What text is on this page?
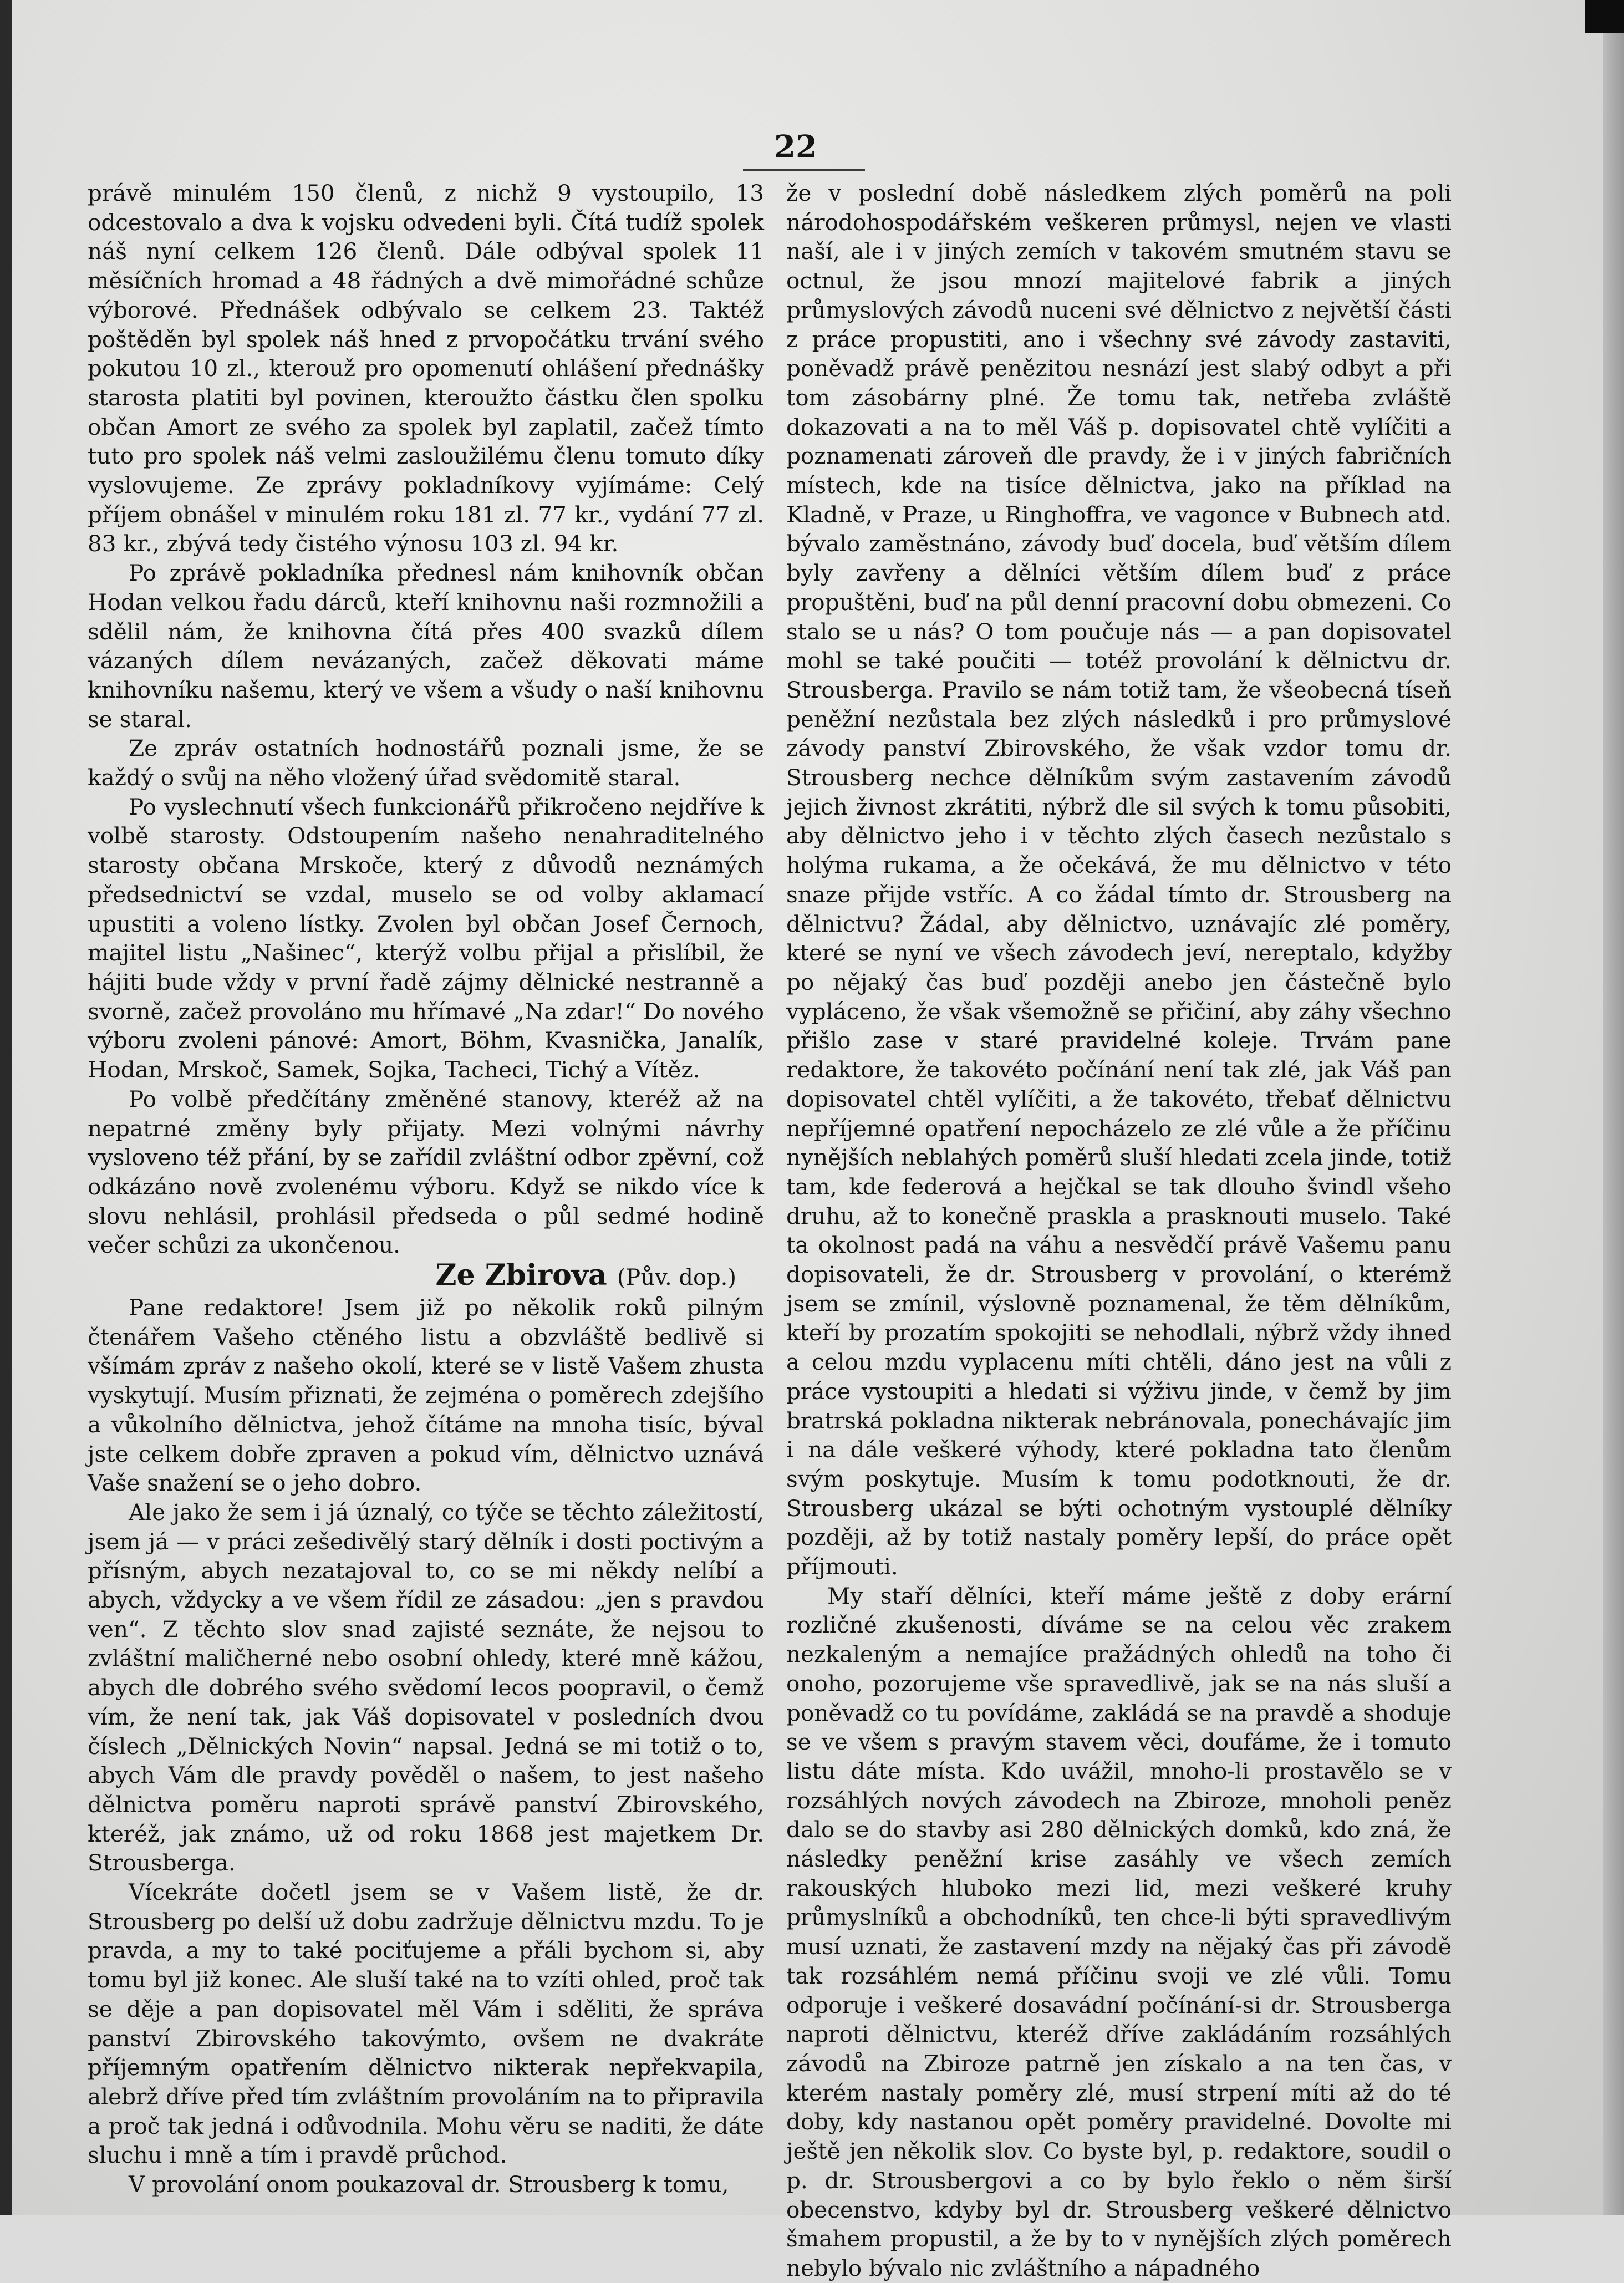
22

právě minulém 150 členů, z nichž 9 vystoupilo, 13 odcestovalo a dva k vojsku odvedeni byli. Čítá tudíž spolek náš nyní celkem 126 členů. Dále odbýval spolek 11 měsíčních hromad a 48 řádných a dvě mimořádné schůze výborové. Přednášek odbývalo se celkem 23. Taktéž poštěděn byl spolek náš hned z prvopočátku trvání svého pokutou 10 zl., kterouž pro opomenutí ohlášení přednášky starosta platiti byl povinen, kteroužto částku člen spolku občan Amort ze svého za spolek byl zaplatil, začež tímto tuto pro spolek náš velmi zasloužilému členu tomuto díky vyslovujeme. Ze zprávy pokladníkovy vyjímáme: Celý příjem obnášel v minulém roku 181 zl. 77 kr., vydání 77 zl. 83 kr., zbývá tedy čistého výnosu 103 zl. 94 kr.

Po zprávě pokladníka přednesl nám knihovník občan Hodan velkou řadu dárců, kteří knihovnu naši rozmnožili a sdělil nám, že knihovna čítá přes 400 svazků dílem vázaných dílem nevázaných, začež děkovati máme knihovníku našemu, který ve všem a všudy o naší knihovnu se staral.

Ze zpráv ostatních hodnostářů poznali jsme, že se každý o svůj na něho vložený úřad svědomitě staral.

Po vyslechnutí všech funkcionářů přikročeno nejdříve k volbě starosty. Odstoupením našeho nenahraditelného starosty občana Mrskoče, který z důvodů neznámých předsednictví se vzdal, muselo se od volby aklamací upustiti a voleno lístky. Zvolen byl občan Josef Černoch, majitel listu „Našinec“, kterýž volbu přijal a přislíbil, že hájiti bude vždy v první řadě zájmy dělnické nestranně a svorně, začež provoláno mu hřímavé „Na zdar!“ Do nového výboru zvoleni pánové: Amort, Böhm, Kvasnička, Janalík, Hodan, Mrskoč, Samek, Sojka, Tacheci, Tichý a Vítěz.

Po volbě předčítány změněné stanovy, kteréž až na nepatrné změny byly přijaty. Mezi volnými návrhy vysloveno též přání, by se zařídil zvláštní odbor zpěvní, což odkázáno nově zvolenému výboru. Když se nikdo více k slovu nehlásil, prohlásil předseda o půl sedmé hodině večer schůzi za ukončenou.

Ze Zbirova (Pův. dop.)

Pane redaktore! Jsem již po několik roků pilným čtenářem Vašeho ctěného listu a obzvláště bedlivě si všímám zpráv z našeho okolí, které se v listě Vašem zhusta vyskytují. Musím přiznati, že zejména o poměrech zdejšího a vůkolního dělnictva, jehož čítáme na mnoha tisíc, býval jste celkem dobře zpraven a pokud vím, dělnictvo uznává Vaše snažení se o jeho dobro.

Ale jako že sem i já úznalý, co týče se těchto záležitostí, jsem já — v práci zešedivělý starý dělník i dosti poctivým a přísným, abych nezatajoval to, co se mi někdy nelíbí a abych, vždycky a ve všem řídil ze zásadou: „jen s pravdou ven“. Z těchto slov snad zajisté seznáte, že nejsou to zvláštní maličherné nebo osobní ohledy, které mně kážou, abych dle dobrého svého svědomí lecos poopravil, o čemž vím, že není tak, jak Váš dopisovatel v posledních dvou číslech „Dělnických Novin“ napsal. Jedná se mi totiž o to, abych Vám dle pravdy pověděl o našem, to jest našeho dělnictva poměru naproti správě panství Zbirovského, kteréž, jak známo, už od roku 1868 jest majetkem Dr. Strousberga.

Vícekráte dočetl jsem se v Vašem listě, že dr. Strousberg po delší už dobu zadržuje dělnictvu mzdu. To je pravda, a my to také pociťujeme a přáli bychom si, aby tomu byl již konec. Ale sluší také na to vzíti ohled, proč tak se děje a pan dopisovatel měl Vám i sděliti, že správa panství Zbirovského takovýmto, ovšem ne dvakráte příjemným opatřením dělnictvo nikterak nepřekvapila, alebrž dříve před tím zvláštním provoláním na to připravila a proč tak jedná i odůvodnila. Mohu věru se naditi, že dáte sluchu i mně a tím i pravdě průchod.

V provolání onom poukazoval dr. Strousberg k tomu,

že v poslední době následkem zlých poměrů na poli národohospodářském veškeren průmysl, nejen ve vlasti naší, ale i v jiných zemích v takovém smutném stavu se octnul, že jsou mnozí majitelové fabrik a jiných průmyslových závodů nuceni své dělnictvo z největší části z práce propustiti, ano i všechny své závody zastaviti, poněvadž právě penězitou nesnází jest slabý odbyt a při tom zásobárny plné. Že tomu tak, netřeba zvláště dokazovati a na to měl Váš p. dopisovatel chtě vylíčiti a poznamenati zároveň dle pravdy, že i v jiných fabričních místech, kde na tisíce dělnictva, jako na příklad na Kladně, v Praze, u Ringhoffra, ve vagonce v Bubnech atd. bývalo zaměstnáno, závody buď docela, buď větším dílem byly zavřeny a dělníci větším dílem buď z práce propuštěni, buď na půl denní pracovní dobu obmezeni. Co stalo se u nás? O tom poučuje nás — a pan dopisovatel mohl se také poučiti — totéž provolání k dělnictvu dr. Strousberga. Pravilo se nám totiž tam, že všeobecná tíseň peněžní nezůstala bez zlých následků i pro průmyslové závody panství Zbirovského, že však vzdor tomu dr. Strousberg nechce dělníkům svým zastavením závodů jejich živnost zkrátiti, nýbrž dle sil svých k tomu působiti, aby dělnictvo jeho i v těchto zlých časech nezůstalo s holýma rukama, a že očekává, že mu dělnictvo v této snaze přijde vstříc. A co žádal tímto dr. Strousberg na dělnictvu? Žádal, aby dělnictvo, uznávajíc zlé poměry, které se nyní ve všech závodech jeví, nereptalo, kdyžby po nějaký čas buď později anebo jen částečně bylo vypláceno, že však všemožně se přičiní, aby záhy všechno přišlo zase v staré pravidelné koleje. Trvám pane redaktore, že takovéto počínání není tak zlé, jak Váš pan dopisovatel chtěl vylíčiti, a že takovéto, třebať dělnictvu nepříjemné opatření nepocházelo ze zlé vůle a že příčinu nynějších neblahých poměrů sluší hledati zcela jinde, totiž tam, kde federová a hejčkal se tak dlouho švindl všeho druhu, až to konečně praskla a prasknouti muselo. Také ta okolnost padá na váhu a nesvědčí právě Vašemu panu dopisovateli, že dr. Strousberg v provolání, o kterémž jsem se zmínil, výslovně poznamenal, že těm dělníkům, kteří by prozatím spokojiti se nehodlali, nýbrž vždy ihned a celou mzdu vyplacenu míti chtěli, dáno jest na vůli z práce vystoupiti a hledati si výživu jinde, v čemž by jim bratrská pokladna nikterak nebránovala, ponechávajíc jim i na dále veškeré výhody, které pokladna tato členům svým poskytuje. Musím k tomu podotknouti, že dr. Strousberg ukázal se býti ochotným vystouplé dělníky později, až by totiž nastaly poměry lepší, do práce opět příjmouti.

My staří dělníci, kteří máme ještě z doby erární rozličné zkušenosti, díváme se na celou věc zrakem nezkaleným a nemajíce pražádných ohledů na toho či onoho, pozorujeme vše spravedlivě, jak se na nás sluší a poněvadž co tu povídáme, zakládá se na pravdě a shoduje se ve všem s pravým stavem věci, doufáme, že i tomuto listu dáte místa. Kdo uvážil, mnoho-li prostavělo se v rozsáhlých nových závodech na Zbiroze, mnoholi peněz dalo se do stavby asi 280 dělnických domků, kdo zná, že následky peněžní krise zasáhly ve všech zemích rakouských hluboko mezi lid, mezi veškeré kruhy průmyslníků a obchodníků, ten chce-li býti spravedlivým musí uznati, že zastavení mzdy na nějaký čas při závodě tak rozsáhlém nemá příčinu svoji ve zlé vůli. Tomu odporuje i veškeré dosavádní počínání-si dr. Strousberga naproti dělnictvu, kteréž dříve zakládáním rozsáhlých závodů na Zbiroze patrně jen získalo a na ten čas, v kterém nastaly poměry zlé, musí strpení míti až do té doby, kdy nastanou opět poměry pravidelné. Dovolte mi ještě jen několik slov. Co byste byl, p. redaktore, soudil o p. dr. Strousbergovi a co by bylo řeklo o něm širší obecenstvo, kdyby byl dr. Strousberg veškeré dělnictvo šmahem propustil, a že by to v nynějších zlých poměrech nebylo bývalo nic zvláštního a nápadného
